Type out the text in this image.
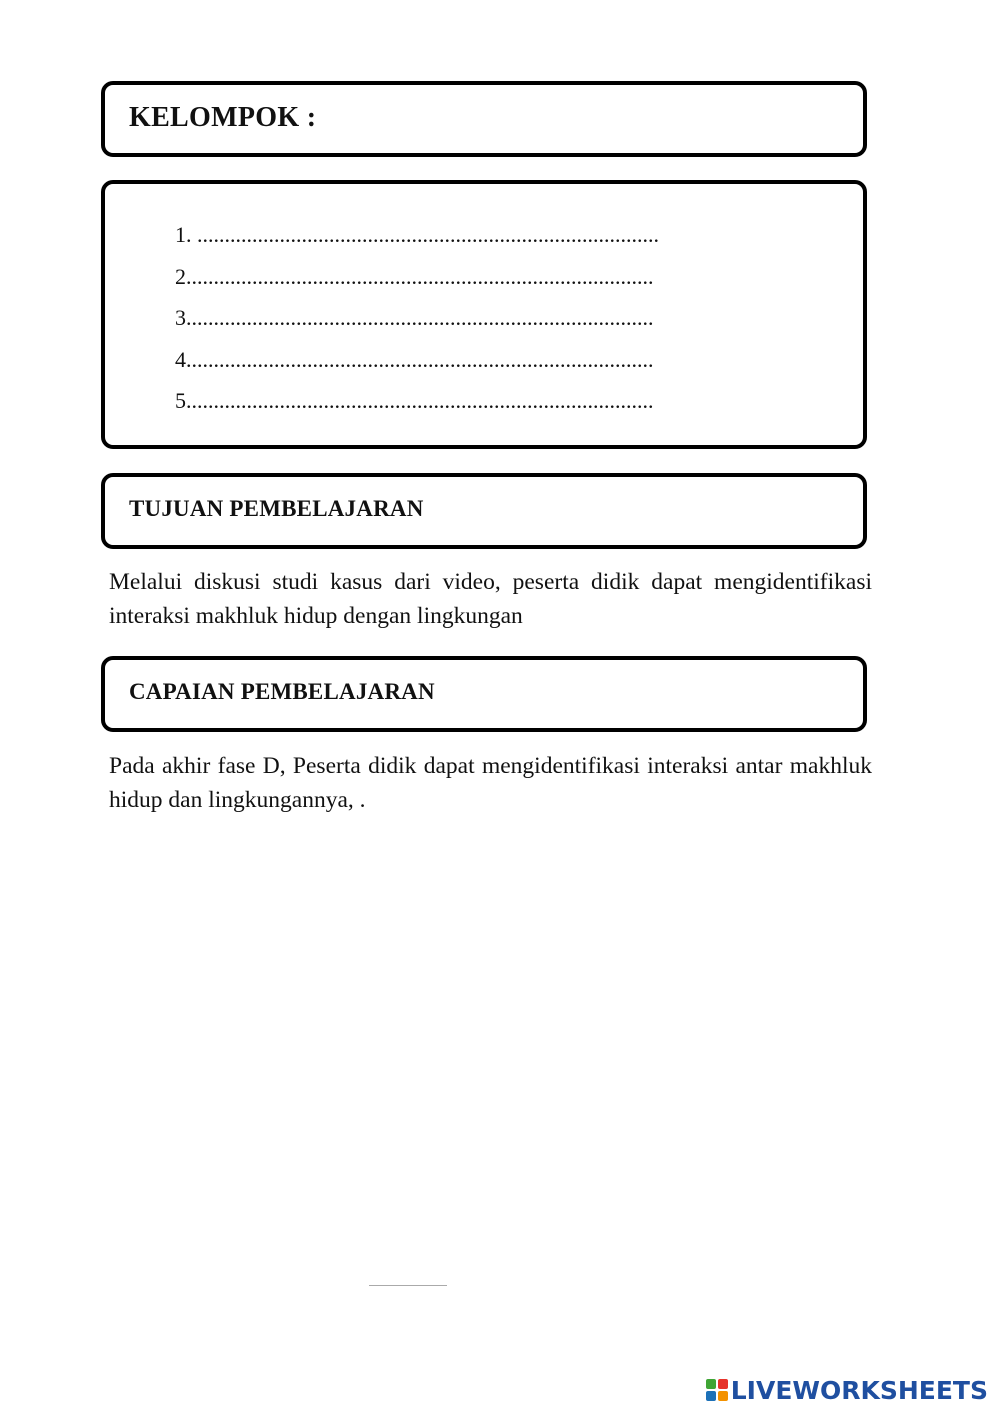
KELOMPOK :
1. ....................................................................................
2.....................................................................................
3.....................................................................................
4.....................................................................................
5.....................................................................................
TUJUAN PEMBELAJARAN

Melalui diskusi studi kasus dari video, peserta didik dapat mengidentifikasi interaksi makhluk hidup dengan lingkungan

CAPAIAN PEMBELAJARAN

Pada akhir fase D, Peserta didik dapat mengidentifikasi interaksi antar makhluk hidup dan lingkungannya, .

LIVEWORKSHEETS
